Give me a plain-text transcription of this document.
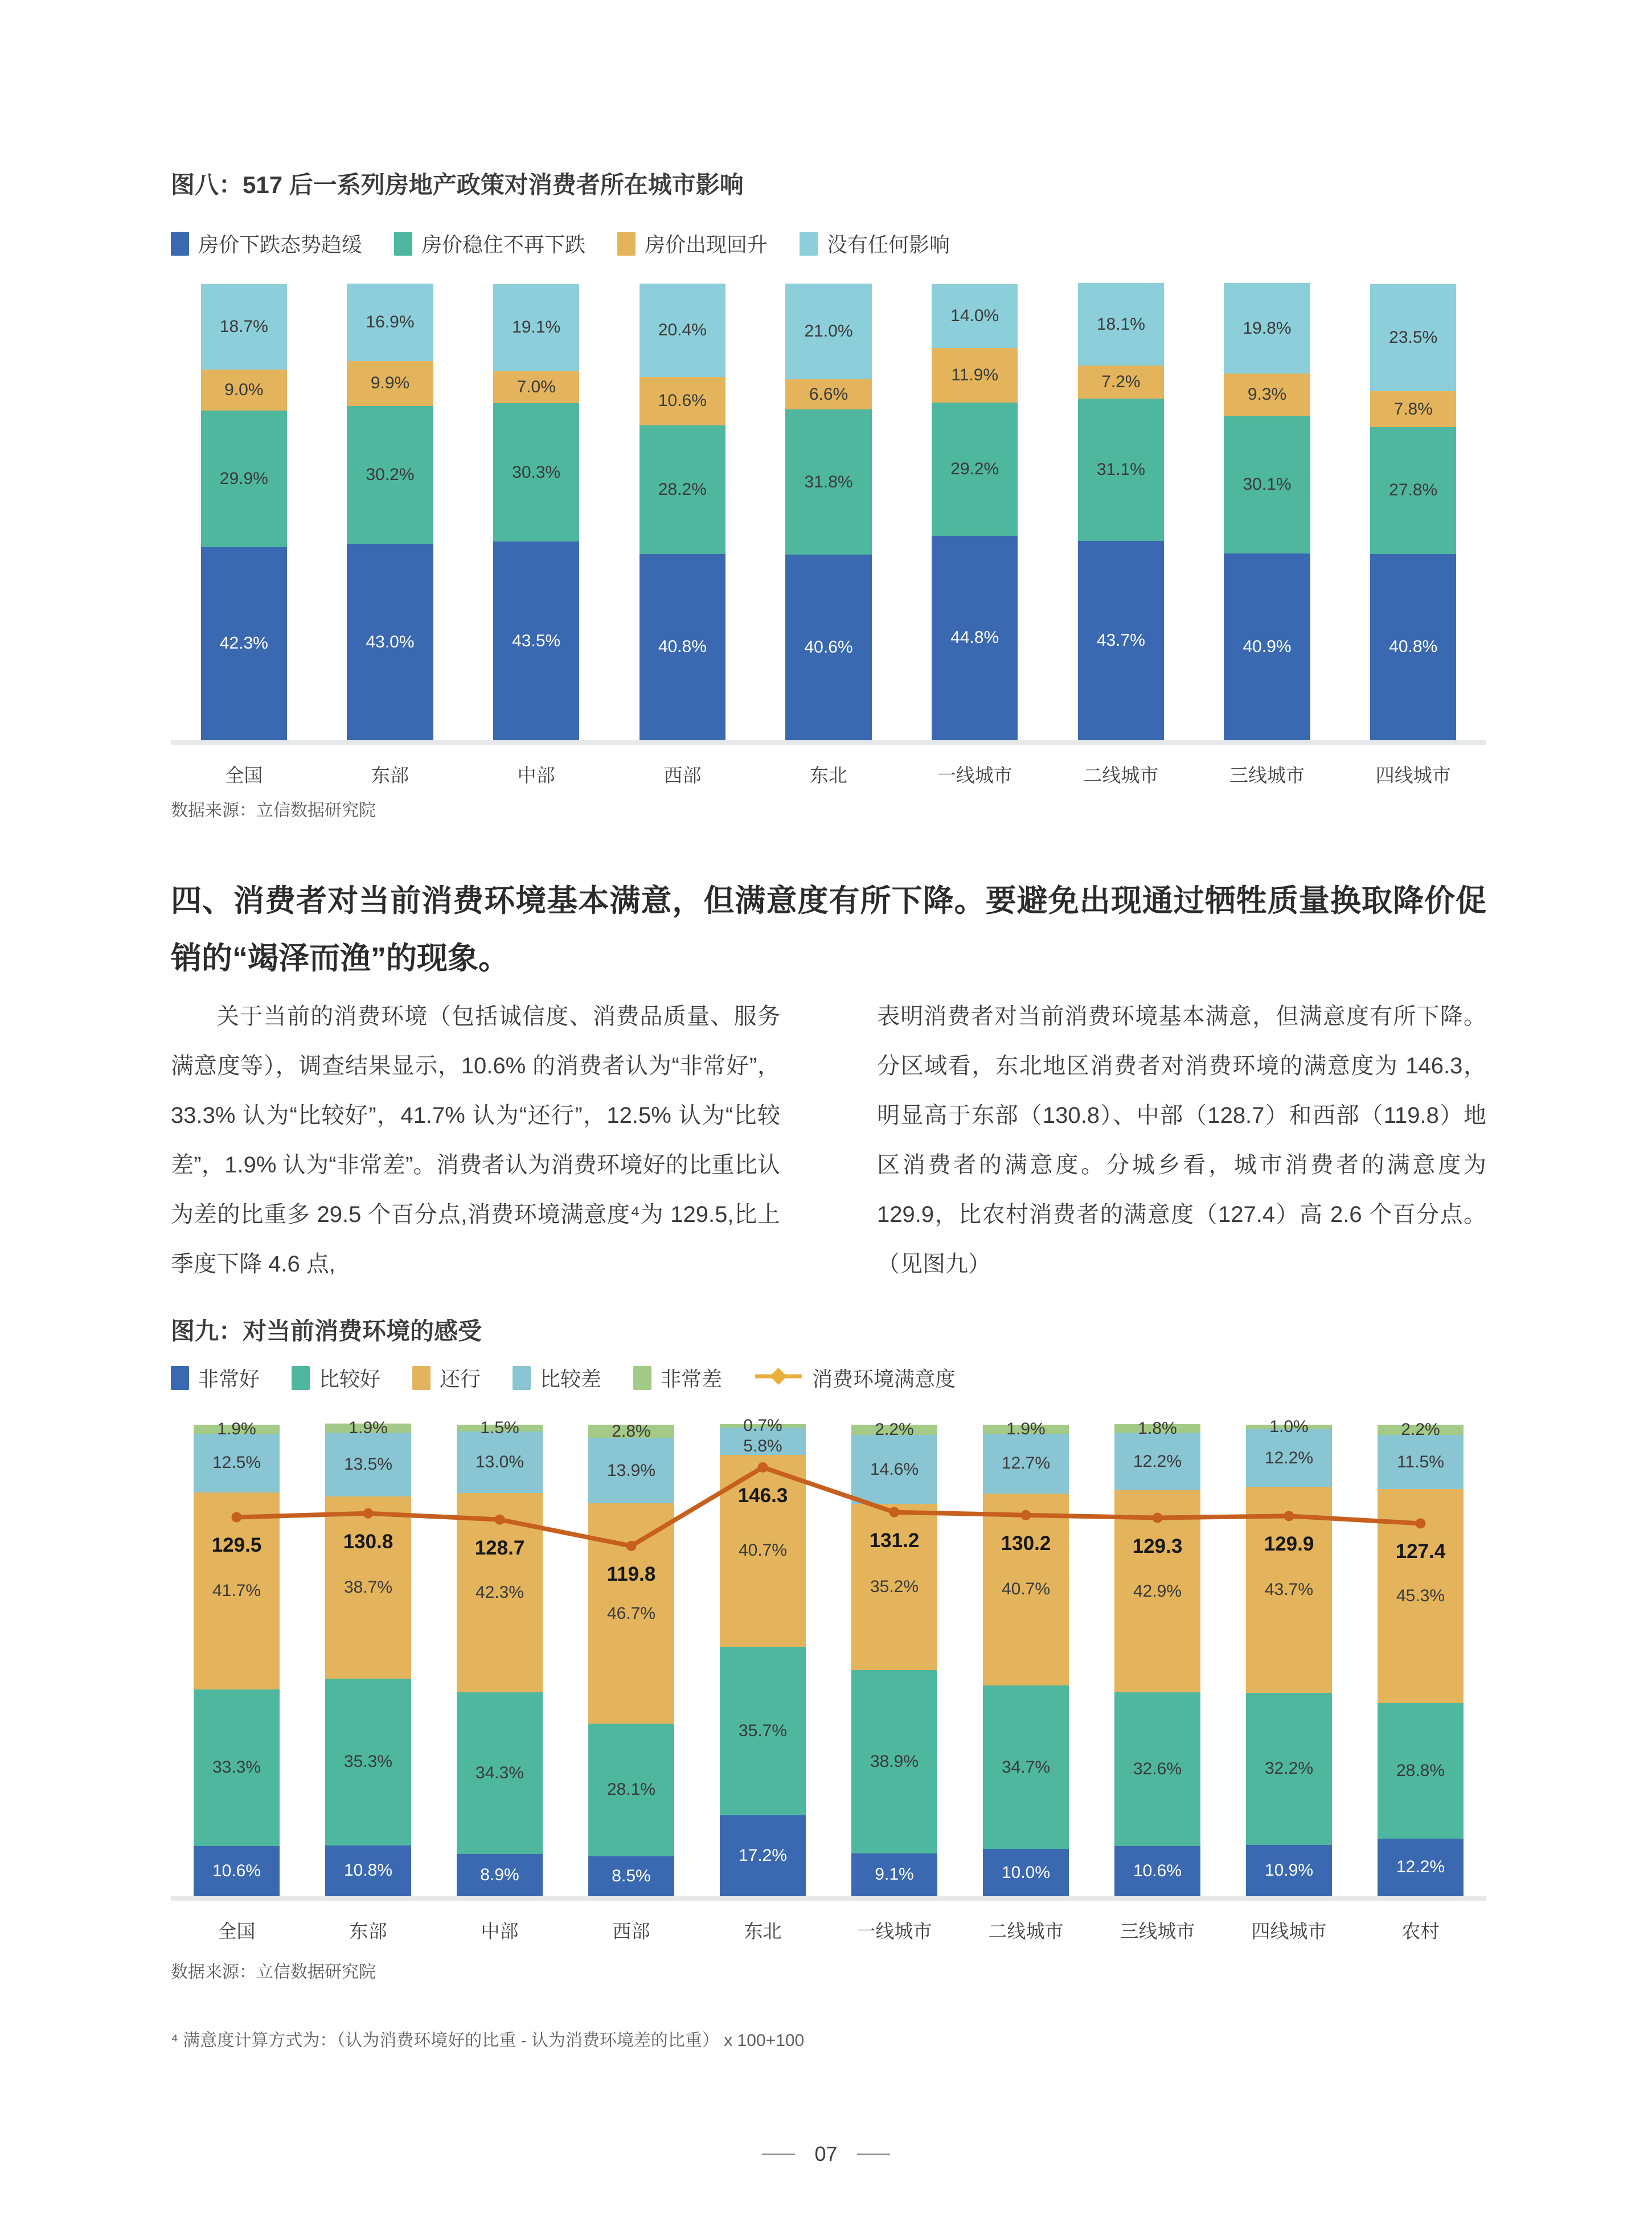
图八：517 后一系列房地产政策对消费者所在城市影响
房价下跌态势趋缓	房价稳住不再下跌	房价出现回升	没有任何影响
18.7%
9.0%
29.9%
42.3%
16.9%
9.9%
30.2%
43.0%
19.1%
7.0%
30.3%
43.5%
20.4%
10.6%
28.2%
40.8%
21.0%
6.6%
31.8%
40.6%
14.0%
11.9%
29.2%
44.8%
18.1%
7.2%
31.1%
43.7%
19.8%
9.3%
30.1%
40.9%
23.5%
7.8%
27.8%
40.8%
全国	东部	中部	西部	东北	一线城市	二线城市	三线城市	四线城市
数据来源：立信数据研究院
四、消费者对当前消费环境基本满意，但满意度有所下降。要避免出现通过牺牲质量换取降价促销的“竭泽而渔”的现象。
关于当前的消费环境（包括诚信度、消费品质量、服务满意度等），调查结果显示，10.6% 的消费者认为“非常好”，33.3% 认为“比较好”，41.7% 认为“还行”，12.5% 认为“比较差”，1.9% 认为“非常差”。消费者认为消费环境好的比重比认为差的比重多 29.5 个百分点,消费环境满意度⁴为 129.5,比上季度下降 4.6 点,
表明消费者对当前消费环境基本满意，但满意度有所下降。分区域看，东北地区消费者对消费环境的满意度为 146.3，明显高于东部（130.8）、中部（128.7）和西部（119.8）地区消费者的满意度。分城乡看，城市消费者的满意度为 129.9，比农村消费者的满意度（127.4）高 2.6 个百分点。（见图九）
图九：对当前消费环境的感受
非常好	比较好	还行	比较差	非常差	消费环境满意度
1.9%
12.5%
41.7%
33.3%
10.6%
1.9%
13.5%
38.7%
35.3%
10.8%
1.5%
13.0%
42.3%
34.3%
8.9%
2.8%
13.9%
46.7%
28.1%
8.5%
0.7%
5.8%
40.7%
35.7%
17.2%
2.2%
14.6%
35.2%
38.9%
9.1%
1.9%
12.7%
40.7%
34.7%
10.0%
1.8%
12.2%
42.9%
32.6%
10.6%
1.0%
12.2%
43.7%
32.2%
10.9%
2.2%
11.5%
45.3%
28.8%
12.2%
129.5	130.8	128.7
119.8
146.3
131.2	130.2	129.3	129.9	127.4
全国	东部	中部	西部	东北	一线城市	二线城市	三线城市	四线城市	农村
数据来源：立信数据研究院
⁴ 满意度计算方式为：（认为消费环境好的比重 - 认为消费环境差的比重） x 100+100
07
